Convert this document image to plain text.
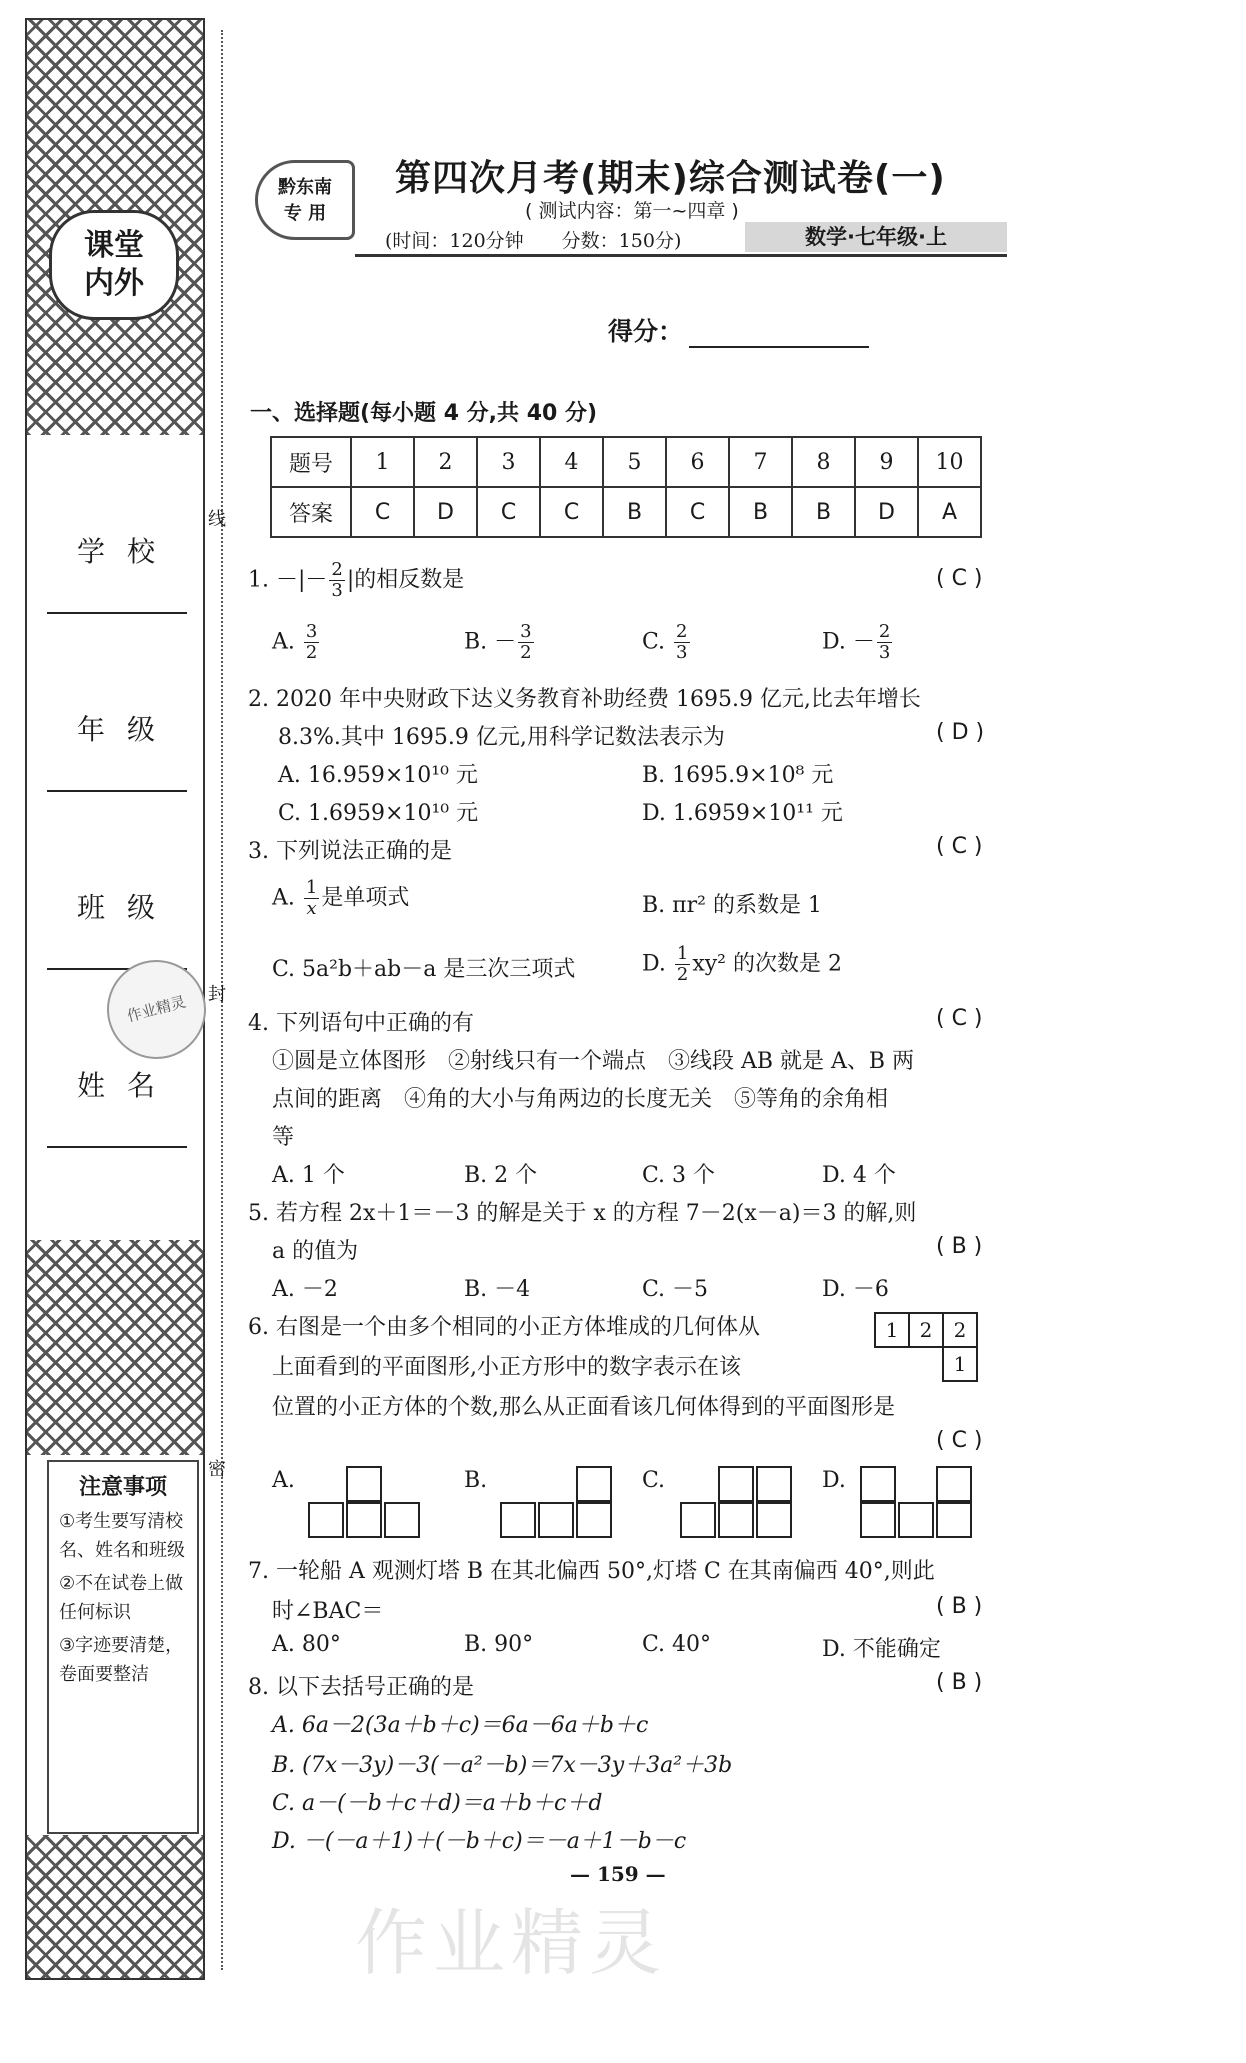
课堂
内外
学校
年级
班级
姓名
作业精灵
注意事项

①考生要写清校名、姓名和班级

②不在试卷上做任何标识

③字迹要清楚，卷面要整洁

线
封
密
黔东南
专 用
第四次月考(期末)综合测试卷(一)
( 测试内容：第一~四章 )
(时间：120分钟　　分数：150分)	数学·七年级·上
得分：
一、选择题(每小题 4 分,共 40 分)
题号	1	2	3	4	5	6	7	8	9	10
答案	C	D	C	C	B	C	B	B	D	A
1. －|－ $\frac{2}{3}$ |的相反数是	( C )
A. $\frac{3}{2}$	B. － $\frac{3}{2}$	C. $\frac{2}{3}$	D. － $\frac{2}{3}$
2. 2020 年中央财政下达义务教育补助经费 1695.9 亿元,比去年增长
8.3%.其中 1695.9 亿元,用科学记数法表示为	( D )
A. 16.959×10¹⁰ 元	B. 1695.9×10⁸ 元
C. 1.6959×10¹⁰ 元	D. 1.6959×10¹¹ 元
3. 下列说法正确的是	( C )
A. $\frac{1}{x}$ 是单项式	B. πr² 的系数是 1
C. 5a²b＋ab－a 是三次三项式	D. $\frac{1}{2} xy^2$ 的次数是 2
4. 下列语句中正确的有	( C )
①圆是立体图形　②射线只有一个端点　③线段 AB 就是 A、B 两
点间的距离　④角的大小与角两边的长度无关　⑤等角的余角相
等
A. 1 个	B. 2 个	C. 3 个	D. 4 个
5. 若方程 2x＋1＝－3 的解是关于 x 的方程 7－2(x－a)＝3 的解,则
a 的值为	( B )
A. －2	B. －4	C. －5	D. －6
6. 右图是一个由多个相同的小正方体堆成的几何体从
上面看到的平面图形,小正方形中的数字表示在该
位置的小正方体的个数,那么从正面看该几何体得到的平面图形是
( C )
1	2	2
1
A.	B.	C.	D.
7. 一轮船 A 观测灯塔 B 在其北偏西 50°,灯塔 C 在其南偏西 40°,则此
时∠BAC＝	( B )
A. 80°	B. 90°	C. 40°	D. 不能确定
8. 以下去括号正确的是	( B )
A. 6a－2(3a＋b＋c)＝6a－6a＋b＋c
B. (7x－3y)－3(－a²－b)＝7x－3y＋3a²＋3b
C. a－(－b＋c＋d)＝a＋b＋c＋d
D. －(－a＋1)＋(－b＋c)＝－a＋1－b－c
— 159 —
作业精灵
